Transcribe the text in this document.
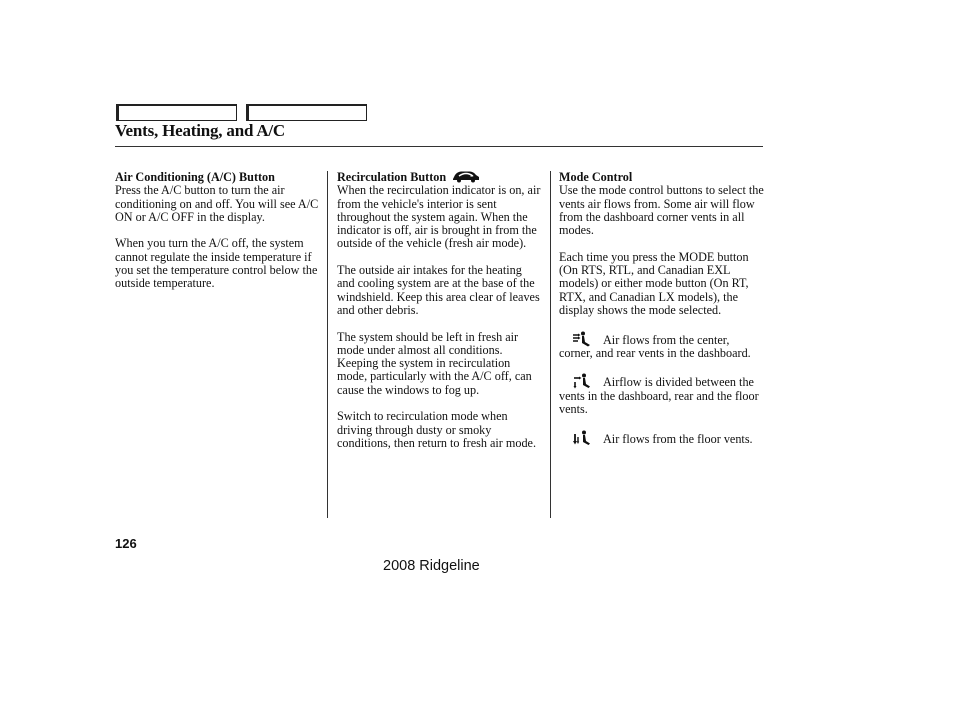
Vents, Heating, and A/C
Air Conditioning (A/C) Button

Press the A/C button to turn the air conditioning on and off. You will see A/C ON or A/C OFF in the display.

When you turn the A/C off, the system cannot regulate the inside temperature if you set the temperature control below the outside temperature.

Recirculation Button

When the recirculation indicator is on, air from the vehicle's interior is sent throughout the system again. When the indicator is off, air is brought in from the outside of the vehicle (fresh air mode).

The outside air intakes for the heating and cooling system are at the base of the windshield. Keep this area clear of leaves and other debris.

The system should be left in fresh air mode under almost all conditions. Keeping the system in recirculation mode, particularly with the A/C off, can cause the windows to fog up.

Switch to recirculation mode when driving through dusty or smoky conditions, then return to fresh air mode.

Mode Control

Use the mode control buttons to select the vents air flows from. Some air will flow from the dashboard corner vents in all modes.

Each time you press the MODE button (On RTS, RTL, and Canadian EXL models) or either mode button (On RT, RTX, and Canadian LX models), the display shows the mode selected.

Air flows from the center, corner, and rear vents in the dashboard.

Airflow is divided between the vents in the dashboard, rear and the floor vents.

Air flows from the floor vents.

126
2008 Ridgeline
